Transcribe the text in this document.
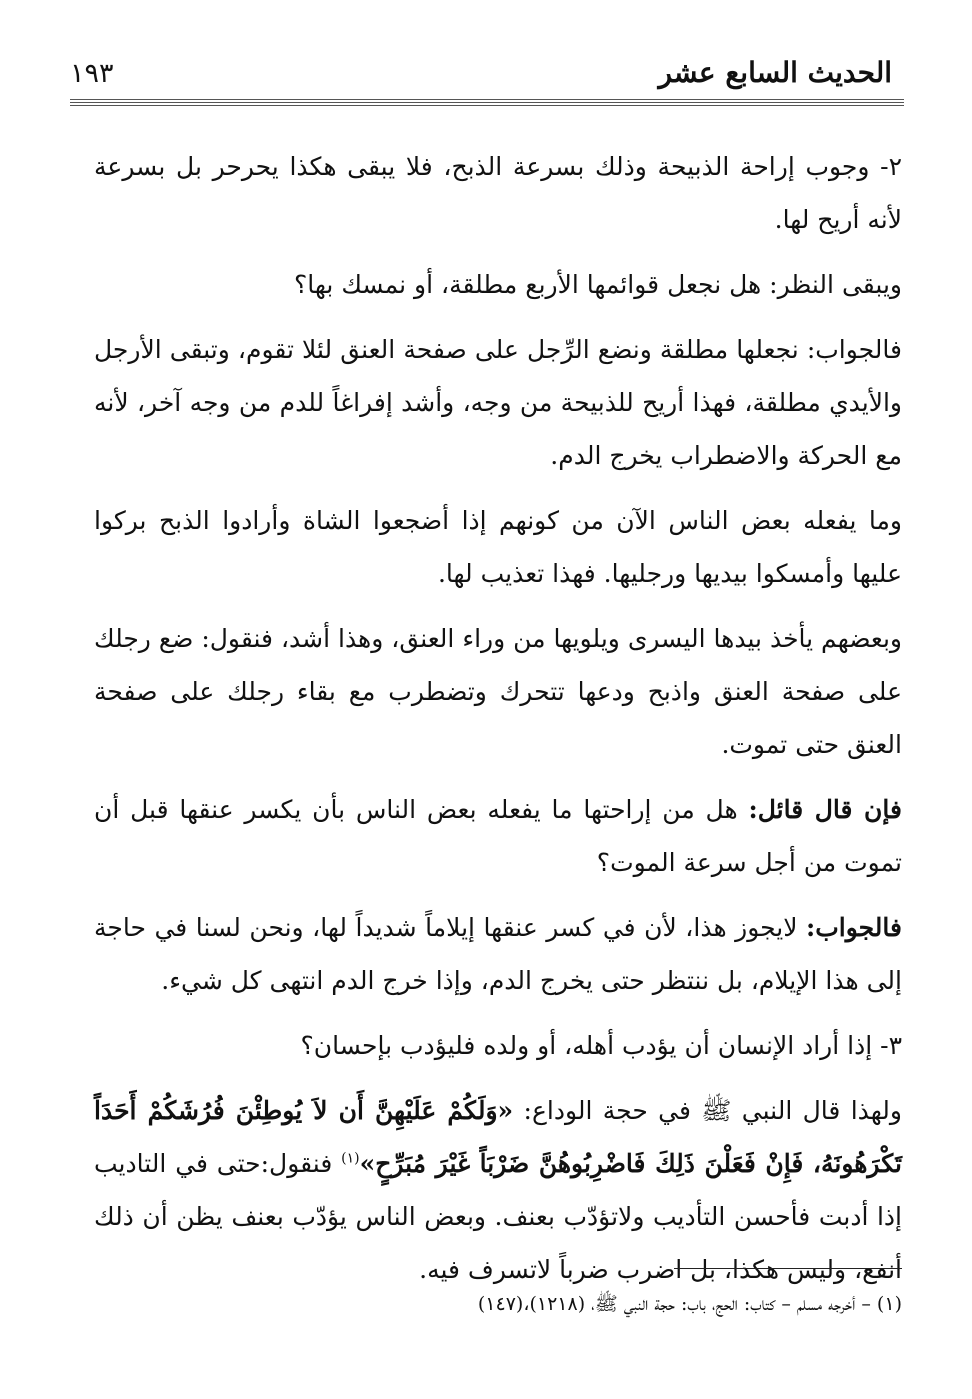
١٩٣	الحديث السابع عشر

٢- وجوب إراحة الذبيحة وذلك بسرعة الذبح، فلا يبقى هكذا يحرحر بل بسرعة لأنه أريح لها.

ويبقى النظر: هل نجعل قوائمها الأربع مطلقة، أو نمسك بها؟

فالجواب: نجعلها مطلقة ونضع الرِّجل على صفحة العنق لئلا تقوم، وتبقى الأرجل والأيدي مطلقة، فهذا أريح للذبيحة من وجه، وأشد إفراغاً للدم من وجه آخر، لأنه مع الحركة والاضطراب يخرج الدم.

وما يفعله بعض الناس الآن من كونهم إذا أضجعوا الشاة وأرادوا الذبح بركوا عليها وأمسكوا بيديها ورجليها. فهذا تعذيب لها.

وبعضهم يأخذ بيدها اليسرى ويلويها من وراء العنق، وهذا أشد، فنقول: ضع رجلك على صفحة العنق واذبح ودعها تتحرك وتضطرب مع بقاء رجلك على صفحة العنق حتى تموت.

فإن قال قائل: هل من إراحتها ما يفعله بعض الناس بأن يكسر عنقها قبل أن تموت من أجل سرعة الموت؟

فالجواب: لايجوز هذا، لأن في كسر عنقها إيلاماً شديداً لها، ونحن لسنا في حاجة إلى هذا الإيلام، بل ننتظر حتى يخرج الدم، وإذا خرج الدم انتهى كل شيء.

٣- إذا أراد الإنسان أن يؤدب أهله، أو ولده فليؤدب بإحسان؟

ولهذا قال النبي ﷺ في حجة الوداع: «وَلَكُمْ عَلَيْهِنَّ أَن لاَ يُوطِئْنَ فُرُشَكُمْ أَحَدَاً تَكْرَهُونَهُ، فَإِنْ فَعَلْنَ ذَلِكَ فَاضْرِبُوهُنَّ ضَرْبَاً غَيْرَ مُبَرِّحٍ»$^{(١)}$ فنقول:حتى في التاديب إذا أدبت فأحسن التأديب ولاتؤدّب بعنف. وبعض الناس يؤدّب بعنف يظن أن ذلك أنفع، وليس هكذا، بل اضرب ضرباً لاتسرف فيه.

(١) – أخرجه مسلم – كتاب: الحج، باب: حجة النبي ﷺ، (١٢١٨)،(١٤٧)
